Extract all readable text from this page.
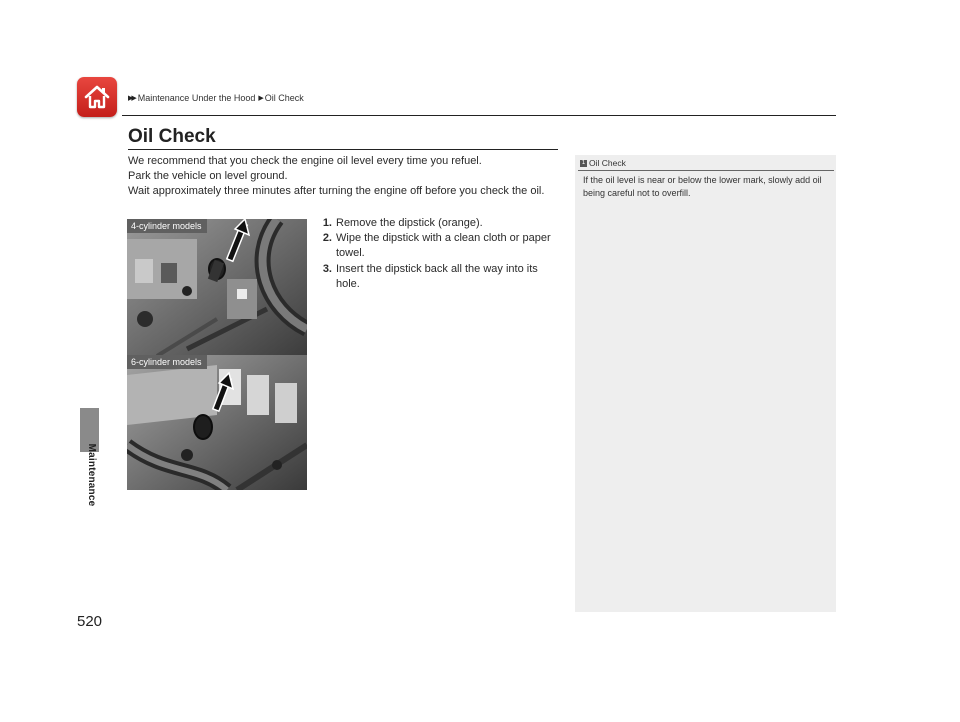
▶▶ Maintenance Under the Hood ▶ Oil Check
Maintenance
520
Oil Check

We recommend that you check the engine oil level every time you refuel.

Park the vehicle on level ground.

Wait approximately three minutes after turning the engine off before you check the oil.

1. Remove the dipstick (orange).
2. Wipe the dipstick with a clean cloth or paper towel.
3. Insert the dipstick back all the way into its hole.
4-cylinder models
6-cylinder models
1 Oil Check
If the oil level is near or below the lower mark, slowly add oil being careful not to overfill.
